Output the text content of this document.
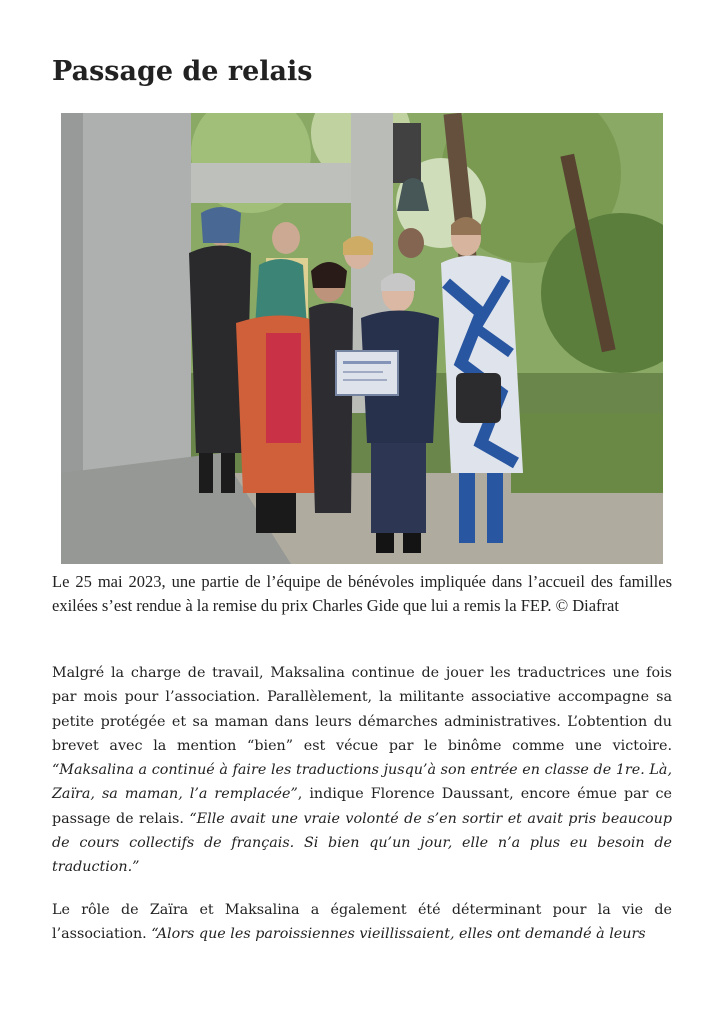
Passage de relais

Le 25 mai 2023, une partie de l’équipe de bénévoles impliquée dans l’accueil des familles exilées s’est rendue à la remise du prix Charles Gide que lui a remis la FEP. © Diafrat

Malgré la charge de travail, Maksalina continue de jouer les traductrices une fois par mois pour l’association. Parallèlement, la militante associative accompagne sa petite protégée et sa maman dans leurs démarches administratives. L’obtention du brevet avec la mention “bien” est vécue par le binôme comme une victoire. “Maksalina a continué à faire les traductions jusqu’à son entrée en classe de 1re. Là, Zaïra, sa maman, l’a remplacée”, indique Florence Daussant, encore émue par ce passage de relais. “Elle avait une vraie volonté de s’en sortir et avait pris beaucoup de cours collectifs de français. Si bien qu’un jour, elle n’a plus eu besoin de traduction.”

Le rôle de Zaïra et Maksalina a également été déterminant pour la vie de l’association. “Alors que les paroissiennes vieillissaient, elles ont demandé à leurs
